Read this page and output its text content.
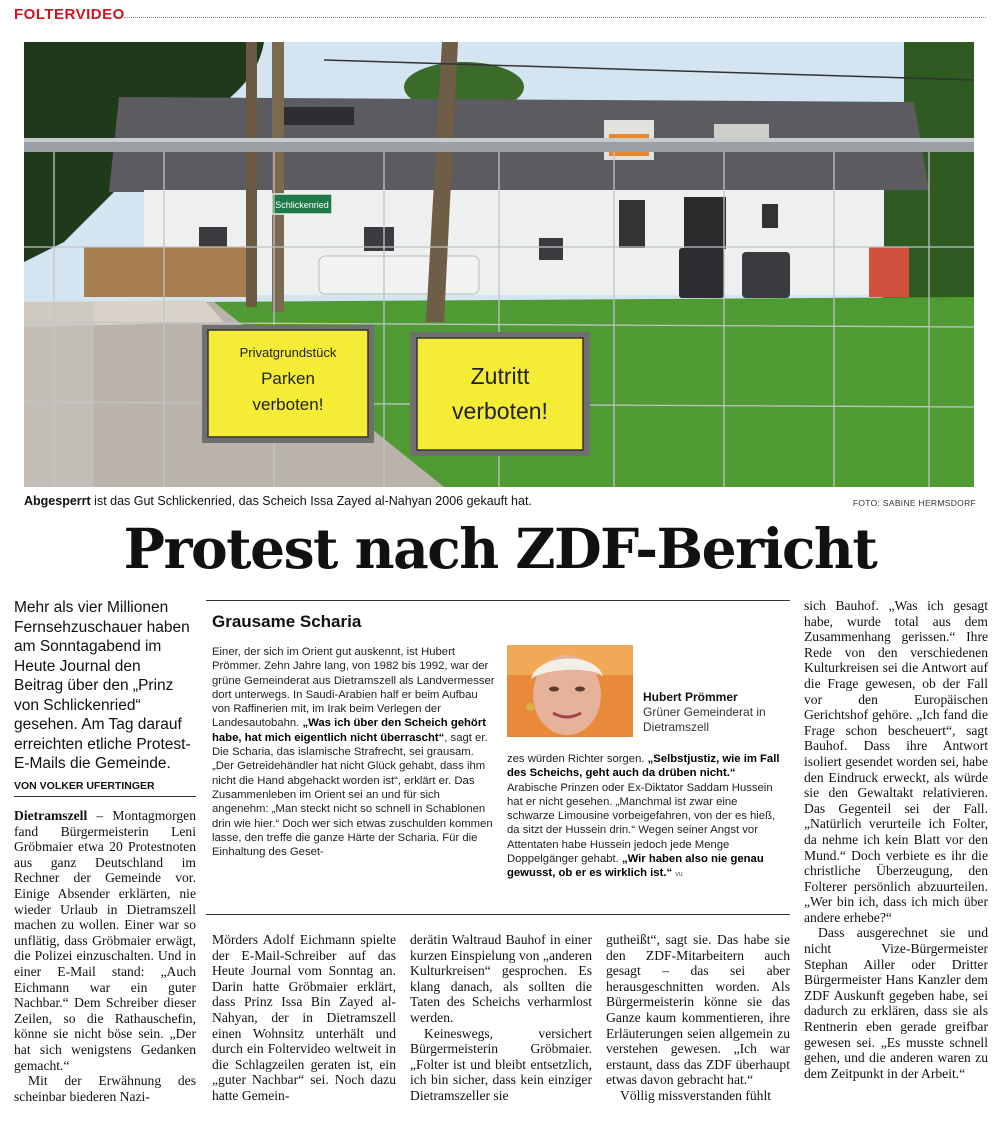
FOLTERVIDEO
Schlickenried
Privatgrundstück
Parken
verboten!
Zutritt
verboten!
Abgesperrt ist das Gut Schlickenried, das Scheich Issa Zayed al-Nahyan 2006 gekauft hat.	FOTO: SABINE HERMSDORF
Protest nach ZDF-Bericht
Mehr als vier Millionen Fernsehzuschauer haben am Sonntagabend im Heute Journal den Beitrag über den „Prinz von Schlickenried“ gesehen. Am Tag darauf erreichten etliche Protest-E-Mails die Gemeinde.
VON VOLKER UFERTINGER

Dietramszell – Montagmorgen fand Bürgermeisterin Leni Gröbmaier etwa 20 Protestnoten aus ganz Deutschland im Rechner der Gemeinde vor. Einige Absender erklärten, nie wieder Urlaub in Dietramszell machen zu wollen. Einer war so unflätig, dass Gröbmaier erwägt, die Polizei einzuschalten. Und in einer E-Mail stand: „Auch Eichmann war ein guter Nachbar.“ Dem Schreiber dieser Zeilen, so die Rathauschefin, könne sie nicht böse sein. „Der hat sich wenigstens Gedanken gemacht.“

Mit der Erwähnung des scheinbar biederen Nazi-

Grausame Scharia
Einer, der sich im Orient gut auskennt, ist Hubert Prömmer. Zehn Jahre lang, von 1982 bis 1992, war der grüne Gemeinderat aus Dietramszell als Landvermesser dort unterwegs. In Saudi-Arabien half er beim Aufbau von Raffinerien mit, im Irak beim Verlegen der Landesautobahn. „Was ich über den Scheich gehört habe, hat mich eigentlich nicht überrascht“, sagt er. Die Scharia, das islamische Strafrecht, sei grausam. „Der Getreidehändler hat nicht Glück gehabt, dass ihm nicht die Hand abgehackt worden ist“, erklärt er. Das Zusammenleben im Orient sei an und für sich angenehm: „Man steckt nicht so schnell in Schablonen drin wie hier.“ Doch wer sich etwas zuschulden kommen lasse, den treffe die ganze Härte der Scharia. Für die Einhaltung des Geset-
Hubert Prömmer
Grüner Gemeinderat in Dietramszell
zes würden Richter sorgen. „Selbstjustiz, wie im Fall des Scheichs, geht auch da drüben nicht.“ Arabische Prinzen oder Ex-Diktator Saddam Hussein hat er nicht gesehen. „Manchmal ist zwar eine schwarze Limousine vorbeigefahren, von der es hieß, da sitzt der Hussein drin.“ Wegen seiner Angst vor Attentaten habe Hussein jedoch jede Menge Doppelgänger gehabt. „Wir haben also nie genau gewusst, ob er es wirklich ist.“ vu

Mörders Adolf Eichmann spielte der E-Mail-Schreiber auf das Heute Journal vom Sonntag an. Darin hatte Gröbmaier erklärt, dass Prinz Issa Bin Zayed al-Nahyan, der in Dietramszell einen Wohnsitz unterhält und durch ein Foltervideo weltweit in die Schlagzeilen geraten ist, ein „guter Nachbar“ sei. Noch dazu hatte Gemein-

derätin Waltraud Bauhof in einer kurzen Einspielung von „anderen Kulturkreisen“ gesprochen. Es klang danach, als sollten die Taten des Scheichs verharmlost werden.

Keineswegs, versichert Bürgermeisterin Gröbmaier. „Folter ist und bleibt entsetzlich, ich bin sicher, dass kein einziger Dietramszeller sie

gutheißt“, sagt sie. Das habe sie den ZDF-Mitarbeitern auch gesagt – das sei aber herausgeschnitten worden. Als Bürgermeisterin könne sie das Ganze kaum kommentieren, ihre Erläuterungen seien allgemein zu verstehen gewesen. „Ich war erstaunt, dass das ZDF überhaupt etwas davon gebracht hat.“

Völlig missverstanden fühlt

sich Bauhof. „Was ich gesagt habe, wurde total aus dem Zusammenhang gerissen.“ Ihre Rede von den verschiedenen Kulturkreisen sei die Antwort auf die Frage gewesen, ob der Fall vor den Europäischen Gerichtshof gehöre. „Ich fand die Frage schon bescheuert“, sagt Bauhof. Dass ihre Antwort isoliert gesendet worden sei, habe den Eindruck erweckt, als würde sie den Gewaltakt relativieren. Das Gegenteil sei der Fall. „Natürlich verurteile ich Folter, da nehme ich kein Blatt vor den Mund.“ Doch verbiete es ihr die christliche Überzeugung, den Folterer persönlich abzuurteilen. „Wer bin ich, dass ich mich über andere erhebe?“

Dass ausgerechnet sie und nicht Vize-Bürgermeister Stephan Ailler oder Dritter Bürgermeister Hans Kanzler dem ZDF Auskunft gegeben habe, sei dadurch zu erklären, dass sie als Rentnerin eben gerade greifbar gewesen sei. „Es musste schnell gehen, und die anderen waren zu dem Zeitpunkt in der Arbeit.“
